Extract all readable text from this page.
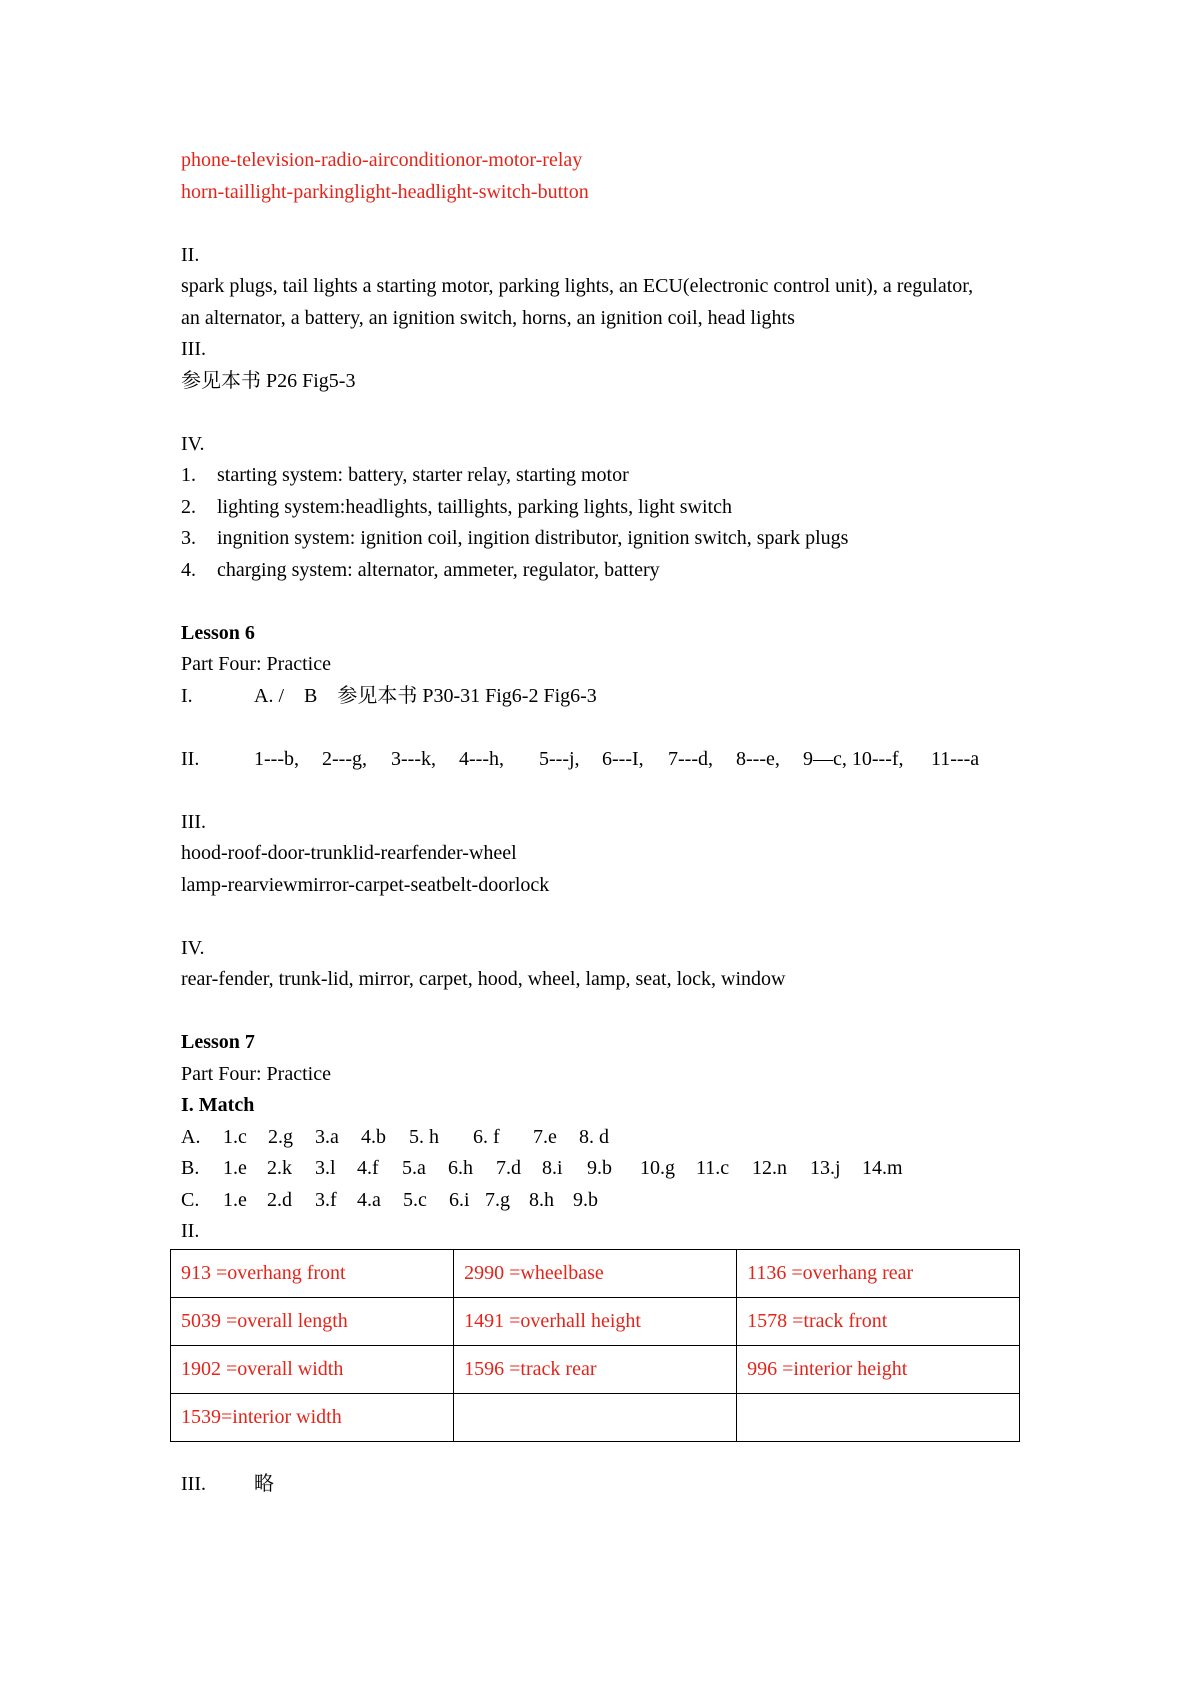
phone-television-radio-airconditionor-motor-relay
horn-taillight-parkinglight-headlight-switch-button
II.
spark plugs, tail lights a starting motor, parking lights, an ECU(electronic control unit), a regulator,
an alternator, a battery, an ignition switch, horns, an ignition coil, head lights
III.
参见本书 P26 Fig5-3
IV.
1. starting system: battery, starter relay, starting motor
2. lighting system:headlights, taillights, parking lights, light switch
3. ingnition system: ignition coil, ingition distributor, ignition switch, spark plugs
4. charging system: alternator, ammeter, regulator, battery
Lesson 6
Part Four: Practice
I.	A. /    B    参见本书 P30-31 Fig6-2 Fig6-3
II.	1---b, 2---g, 3---k, 4---h, 5---j, 6---I, 7---d, 8---e, 9—c, 10---f, 11---a
III.
hood-roof-door-trunklid-rearfender-wheel
lamp-rearviewmirror-carpet-seatbelt-doorlock
IV.
rear-fender, trunk-lid, mirror, carpet, hood, wheel, lamp, seat, lock, window
Lesson 7
Part Four: Practice
I. Match
A. 1.c 2.g 3.a 4.b 5. h 6. f 7.e 8. d
B. 1.e 2.k 3.l 4.f 5.a 6.h 7.d 8.i 9.b 10.g 11.c 12.n 13.j 14.m
C. 1.e 2.d 3.f 4.a 5.c 6.i 7.g 8.h 9.b
II.
913 =overhang front	2990 =wheelbase	1136 =overhang rear
5039 =overall length	1491 =overhall height	1578 =track front
1902 =overall width	1596 =track rear	996 =interior height
1539=interior width		
III. 略
